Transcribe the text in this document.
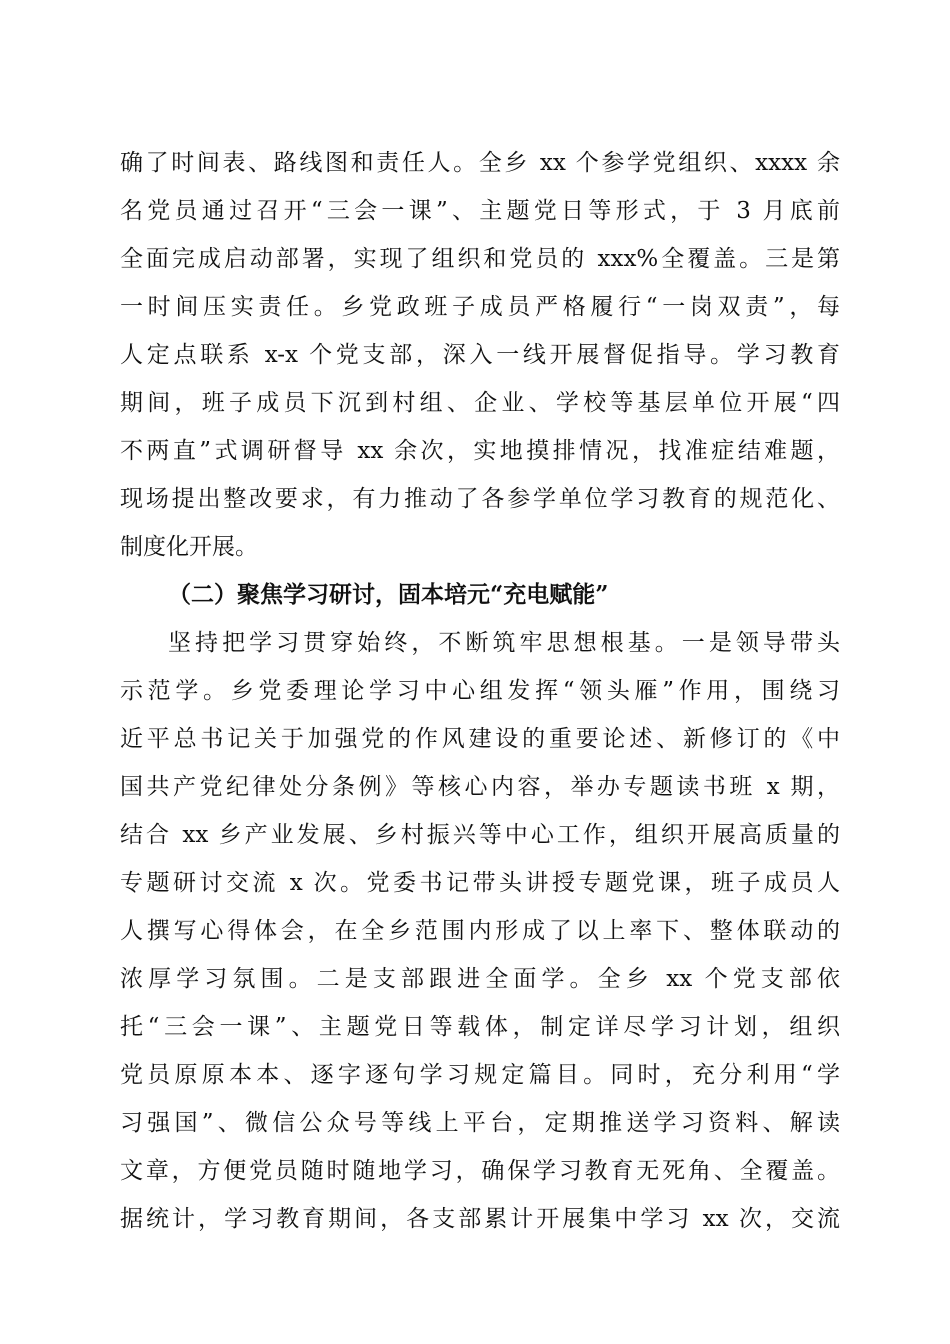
确了时间表、路线图和责任人。全乡 xx 个参学党组织、xxxx 余
名党员通过召开“三会一课”、主题党日等形式，于 3 月底前
全面完成启动部署，实现了组织和党员的 xxx%全覆盖。三是第
一时间压实责任。乡党政班子成员严格履行“一岗双责”，每
人定点联系 x-x 个党支部，深入一线开展督促指导。学习教育
期间，班子成员下沉到村组、企业、学校等基层单位开展“四
不两直”式调研督导 xx 余次，实地摸排情况，找准症结难题，
现场提出整改要求，有力推动了各参学单位学习教育的规范化、
制度化开展。
（二）聚焦学习研讨，固本培元“充电赋能”
坚持把学习贯穿始终，不断筑牢思想根基。一是领导带头
示范学。乡党委理论学习中心组发挥“领头雁”作用，围绕习
近平总书记关于加强党的作风建设的重要论述、新修订的《中
国共产党纪律处分条例》等核心内容，举办专题读书班 x 期，
结合 xx 乡产业发展、乡村振兴等中心工作，组织开展高质量的
专题研讨交流 x 次。党委书记带头讲授专题党课，班子成员人
人撰写心得体会，在全乡范围内形成了以上率下、整体联动的
浓厚学习氛围。二是支部跟进全面学。全乡 xx 个党支部依
托“三会一课”、主题党日等载体，制定详尽学习计划，组织
党员原原本本、逐字逐句学习规定篇目。同时，充分利用“学
习强国”、微信公众号等线上平台，定期推送学习资料、解读
文章，方便党员随时随地学习，确保学习教育无死角、全覆盖。
据统计，学习教育期间，各支部累计开展集中学习 xx 次，交流
